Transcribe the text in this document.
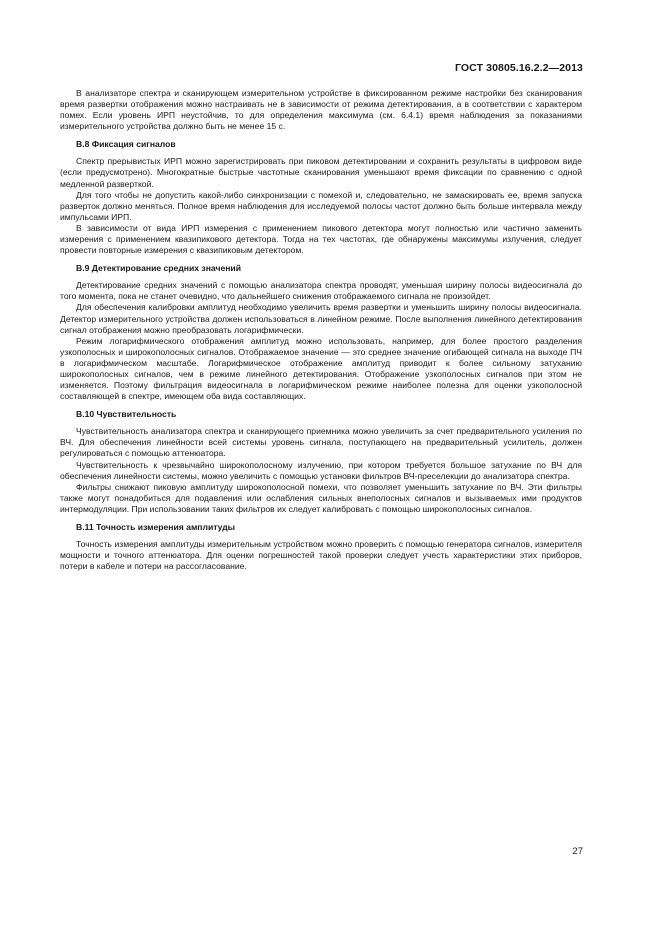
ГОСТ 30805.16.2.2—2013

В анализаторе спектра и сканирующем измерительном устройстве в фиксированном режиме настройки без сканирования время развертки отображения можно настраивать не в зависимости от режима детектирования, а в соответствии с характером помех. Если уровень ИРП неустойчив, то для определения максимума (см. 6.4.1) время наблюдения за показаниями измерительного устройства должно быть не менее 15 с.

В.8 Фиксация сигналов

Спектр прерывистых ИРП можно зарегистрировать при пиковом детектировании и сохранить результаты в цифровом виде (если предусмотрено). Многократные быстрые частотные сканирования уменьшают время фиксации по сравнению с одной медленной разверткой.

Для того чтобы не допустить какой-либо синхронизации с помехой и, следовательно, не замаскировать ее, время запуска разверток должно меняться. Полное время наблюдения для исследуемой полосы частот должно быть больше интервала между импульсами ИРП.

В зависимости от вида ИРП измерения с применением пикового детектора могут полностью или частично заменить измерения с применением квазипикового детектора. Тогда на тех частотах, где обнаружены максимумы излучения, следует провести повторные измерения с квазипиковым детектором.

В.9 Детектирование средних значений

Детектирование средних значений с помощью анализатора спектра проводят, уменьшая ширину полосы видеосигнала до того момента, пока не станет очевидно, что дальнейшего снижения отображаемого сигнала не произойдет.

Для обеспечения калибровки амплитуд необходимо увеличить время развертки и уменьшить ширину полосы видеосигнала. Детектор измерительного устройства должен использоваться в линейном режиме. После выполнения линейного детектирования сигнал отображения можно преобразовать логарифмически.

Режим логарифмического отображения амплитуд можно использовать, например, для более простого разделения узкополосных и широкополосных сигналов. Отображаемое значение — это среднее значение огибающей сигнала на выходе ПЧ в логарифмическом масштабе. Логарифмическое отображение амплитуд приводит к более сильному затуханию широкополосных сигналов, чем в режиме линейного детектирования. Отображение узкополосных сигналов при этом не изменяется. Поэтому фильтрация видеосигнала в логарифмическом режиме наиболее полезна для оценки узкополосной составляющей в спектре, имеющем оба вида составляющих.

В.10 Чувствительность

Чувствительность анализатора спектра и сканирующего приемника можно увеличить за счет предварительного усиления по ВЧ. Для обеспечения линейности всей системы уровень сигнала, поступающего на предварительный усилитель, должен регулироваться с помощью аттенюатора.

Чувствительность к чрезвычайно широкополосному излучению, при котором требуется большое затухание по ВЧ для обеспечения линейности системы, можно увеличить с помощью установки фильтров ВЧ-преселекции до анализатора спектра.

Фильтры снижают пиковую амплитуду широкополосной помехи, что позволяет уменьшить затухание по ВЧ. Эти фильтры также могут понадобиться для подавления или ослабления сильных внеполосных сигналов и вызываемых ими продуктов интермодуляции. При использовании таких фильтров их следует калибровать с помощью широкополосных сигналов.

В.11 Точность измерения амплитуды

Точность измерения амплитуды измерительным устройством можно проверить с помощью генератора сигналов, измерителя мощности и точного аттенюатора. Для оценки погрешностей такой проверки следует учесть характеристики этих приборов, потери в кабеле и потери на рассогласование.

27
